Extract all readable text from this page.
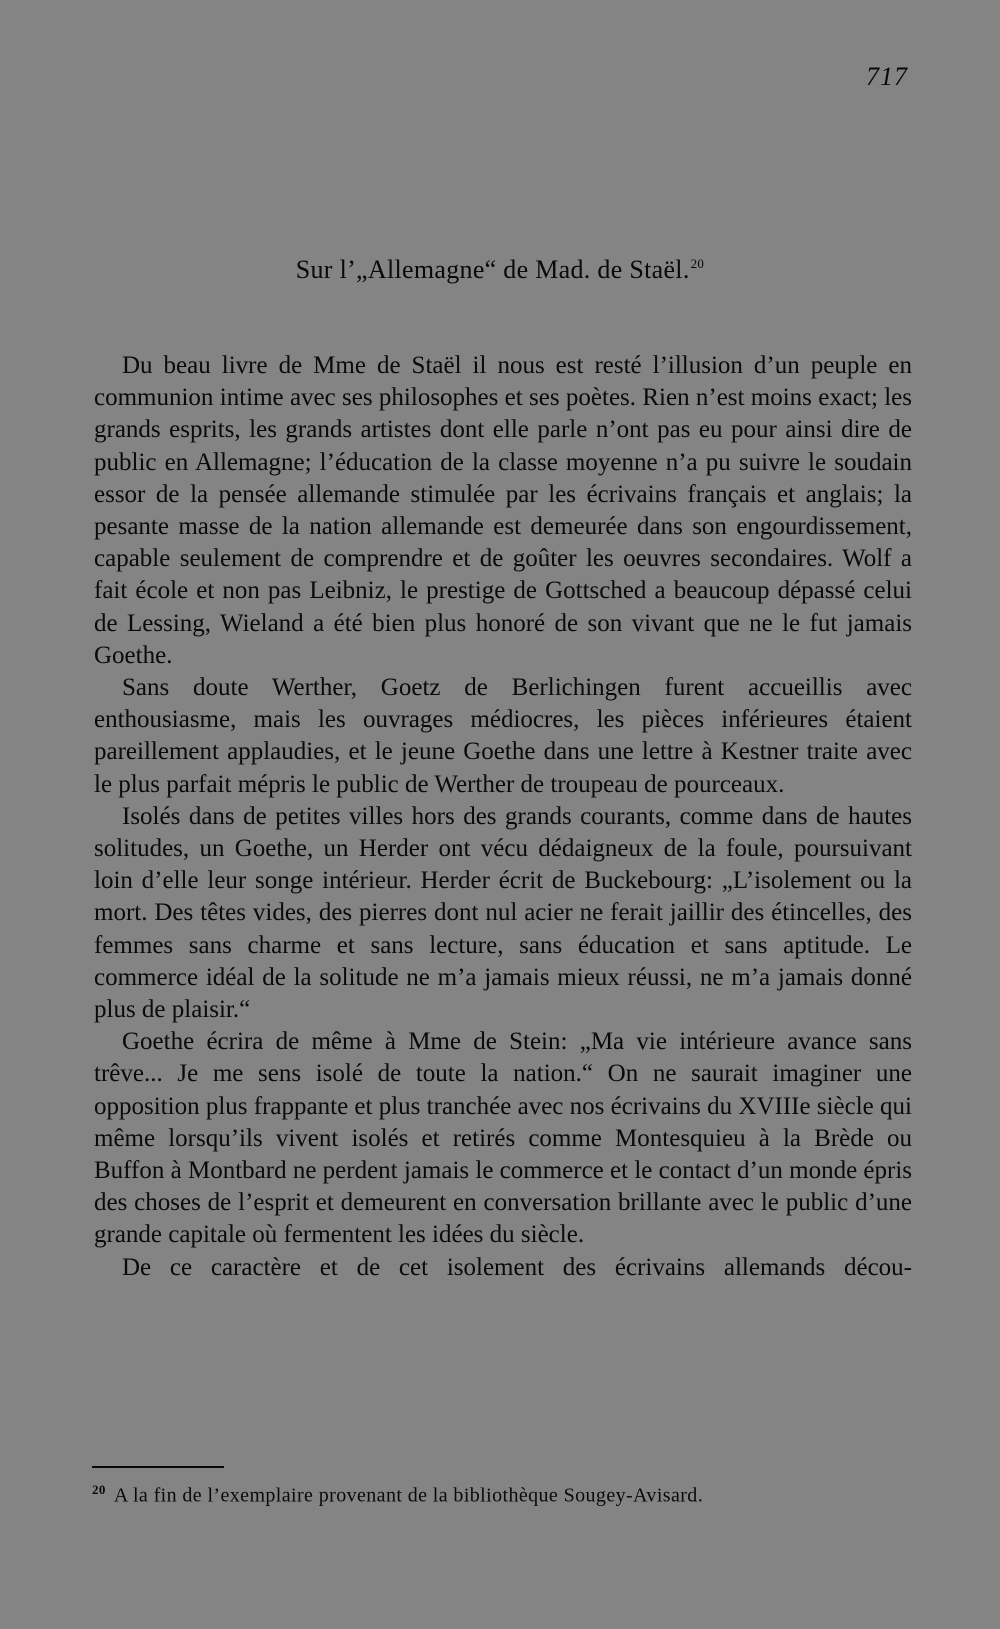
717
Sur l’„Allemagne“ de Mad. de Staël.$^{20}$

Du beau livre de Mme de Staël il nous est resté l’illusion d’un peuple en communion intime avec ses philosophes et ses poètes. Rien n’est moins exact; les grands esprits, les grands artistes dont elle parle n’ont pas eu pour ainsi dire de public en Allemagne; l’éducation de la classe moyenne n’a pu suivre le soudain essor de la pensée allemande stimulée par les écrivains français et anglais; la pesante masse de la nation allemande est demeurée dans son engourdissement, capable seulement de comprendre et de goûter les oeuvres secondaires. Wolf a fait école et non pas Leibniz, le prestige de Gottsched a beaucoup dépassé celui de Lessing, Wieland a été bien plus honoré de son vivant que ne le fut jamais Goethe.

Sans doute Werther, Goetz de Berlichingen furent accueillis avec enthousiasme, mais les ouvrages médiocres, les pièces inférieures étaient pareillement applaudies, et le jeune Goethe dans une lettre à Kestner traite avec le plus parfait mépris le public de Werther de troupeau de pourceaux.

Isolés dans de petites villes hors des grands courants, comme dans de hautes solitudes, un Goethe, un Herder ont vécu dédaigneux de la foule, poursuivant loin d’elle leur songe intérieur. Herder écrit de Buckebourg: „L’isolement ou la mort. Des têtes vides, des pierres dont nul acier ne ferait jaillir des étincelles, des femmes sans charme et sans lecture, sans éducation et sans aptitude. Le commerce idéal de la solitude ne m’a jamais mieux réussi, ne m’a jamais donné plus de plaisir.“

Goethe écrira de même à Mme de Stein: „Ma vie intérieure avance sans trêve... Je me sens isolé de toute la nation.“ On ne saurait imaginer une opposition plus frappante et plus tranchée avec nos écrivains du XVIIIe siècle qui même lorsqu’ils vivent isolés et retirés comme Montesquieu à la Brède ou Buffon à Montbard ne perdent jamais le commerce et le contact d’un monde épris des choses de l’esprit et demeurent en conversation brillante avec le public d’une grande capitale où fermentent les idées du siècle.

De ce caractère et de cet isolement des écrivains allemands décou-

$^{20}$ A la fin de l’exemplaire provenant de la bibliothèque Sougey-Avisard.
